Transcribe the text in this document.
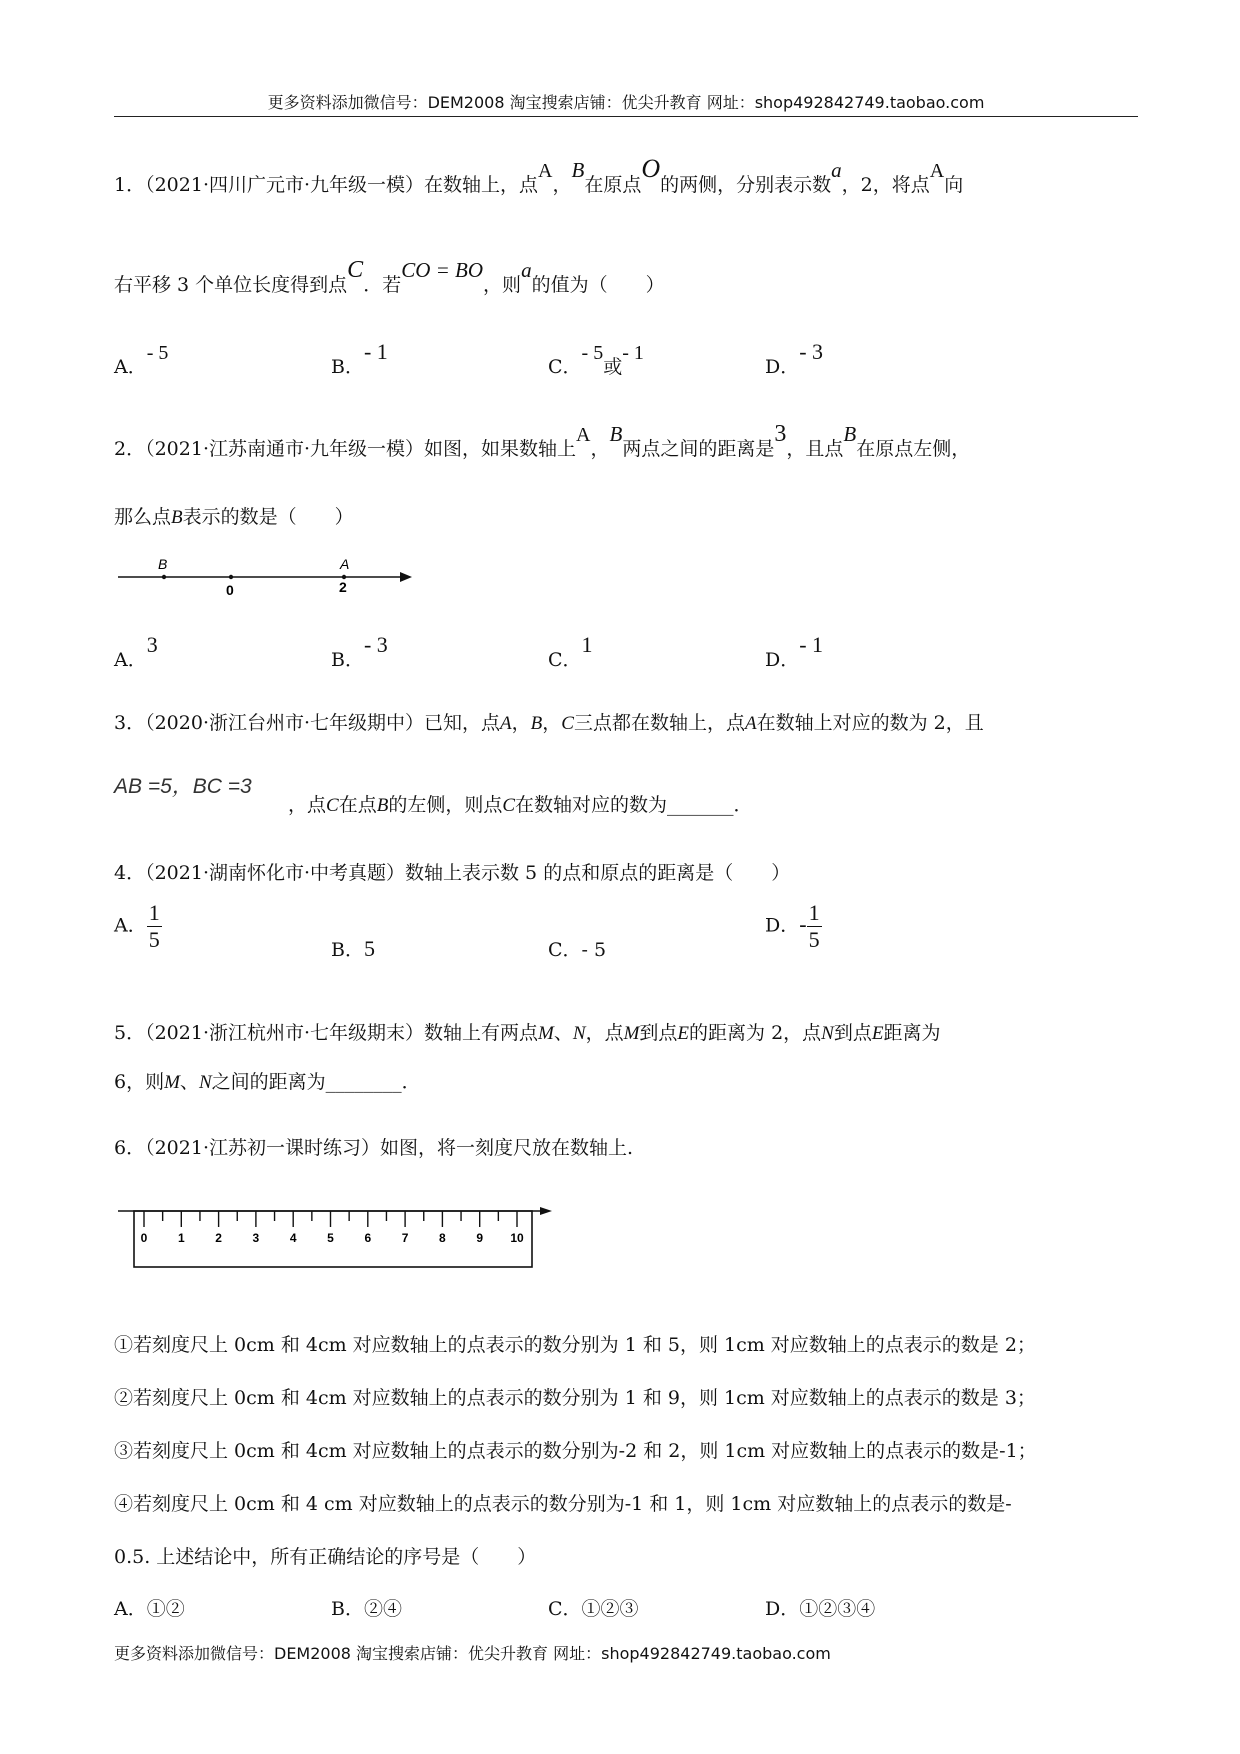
更多资料添加微信号：DEM2008 淘宝搜索店铺：优尖升教育 网址：shop492842749.taobao.com
1．（2021·四川广元市·九年级一模）在数轴上，点A，B在原点O的两侧，分别表示数a，2，将点A向
右平移 3 个单位长度得到点C．若CO = BO，则a的值为（　　）
A．- 5
B．- 1
C．- 5或- 1
D．- 3
2．（2021·江苏南通市·九年级一模）如图，如果数轴上A，B两点之间的距离是3，且点B在原点左侧，
那么点B表示的数是（　　）
B	A
0	2
A．3
B．- 3
C．1
D．- 1
3．（2020·浙江台州市·七年级期中）已知，点A，B，C三点都在数轴上，点A在数轴上对应的数为 2，且
AB =5，BC =3
，点C在点B的左侧，则点C在数轴对应的数为_______．
4．（2021·湖南怀化市·中考真题）数轴上表示数 5 的点和原点的距离是（　　）
A． $\frac{1}{5}$	B．5	C．- 5
D．- $\frac{1}{5}$
5．（2021·浙江杭州市·七年级期末）数轴上有两点M、N，点M到点E的距离为 2，点N到点E距离为
6，则M、N之间的距离为________．
6．（2021·江苏初一课时练习）如图，将一刻度尺放在数轴上.
0	1	2	3	4	5	6	7	8	9 10
①若刻度尺上 0cm 和 4cm 对应数轴上的点表示的数分别为 1 和 5，则 1cm 对应数轴上的点表示的数是 2；
②若刻度尺上 0cm 和 4cm 对应数轴上的点表示的数分别为 1 和 9，则 1cm 对应数轴上的点表示的数是 3；
③若刻度尺上 0cm 和 4cm 对应数轴上的点表示的数分别为-2 和 2，则 1cm 对应数轴上的点表示的数是-1；
④若刻度尺上 0cm 和 4 cm 对应数轴上的点表示的数分别为-1 和 1，则 1cm 对应数轴上的点表示的数是-
0.5. 上述结论中，所有正确结论的序号是（　　）
A．①②	B．②④	C．①②③	D．①②③④
更多资料添加微信号：DEM2008 淘宝搜索店铺：优尖升教育 网址：shop492842749.taobao.com
